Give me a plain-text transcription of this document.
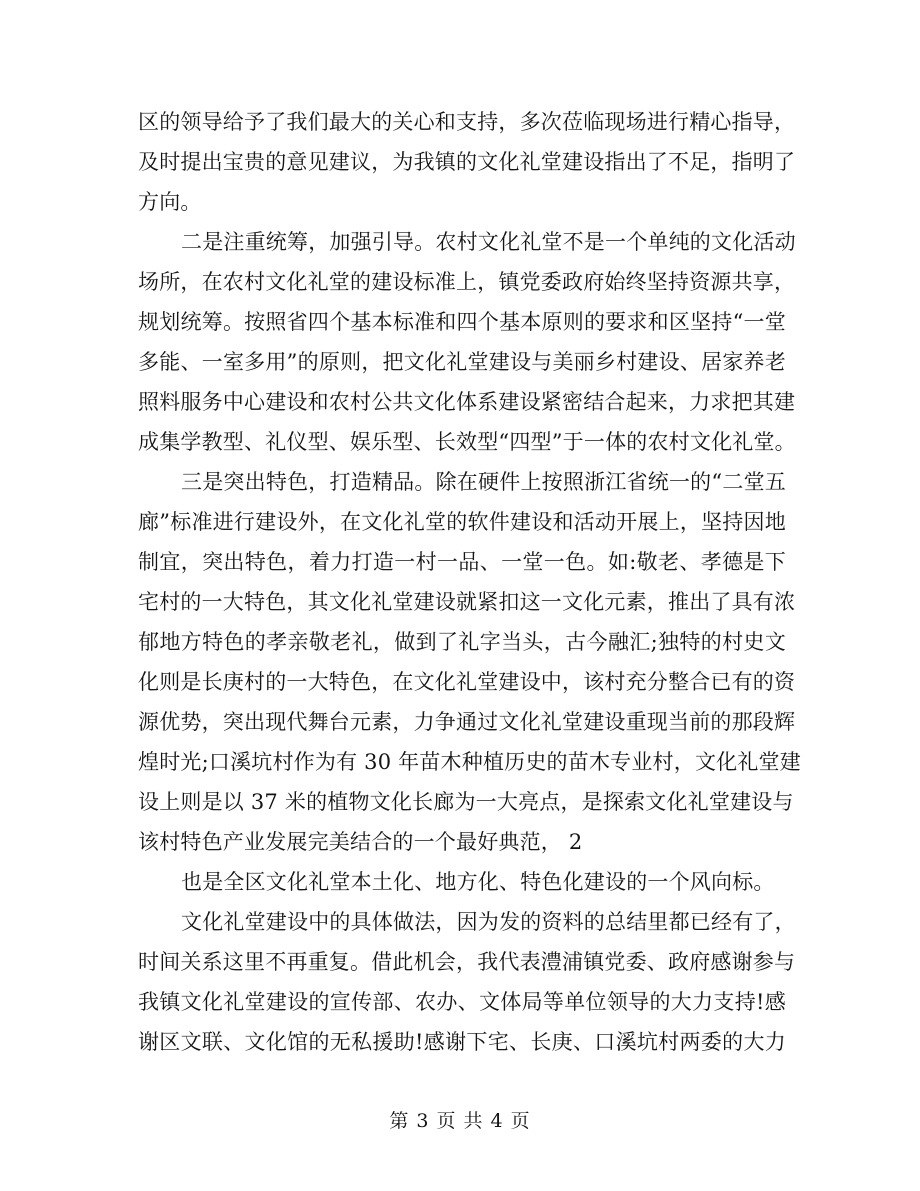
区的领导给予了我们最大的关心和支持，多次莅临现场进行精心指导，
及时提出宝贵的意见建议，为我镇的文化礼堂建设指出了不足，指明了
方向。
二是注重统筹，加强引导。农村文化礼堂不是一个单纯的文化活动
场所，在农村文化礼堂的建设标准上，镇党委政府始终坚持资源共享，
规划统筹。按照省四个基本标准和四个基本原则的要求和区坚持“一堂
多能、一室多用”的原则，把文化礼堂建设与美丽乡村建设、居家养老
照料服务中心建设和农村公共文化体系建设紧密结合起来，力求把其建
成集学教型、礼仪型、娱乐型、长效型“四型”于一体的农村文化礼堂。
三是突出特色，打造精品。除在硬件上按照浙江省统一的“二堂五
廊”标准进行建设外，在文化礼堂的软件建设和活动开展上，坚持因地
制宜，突出特色，着力打造一村一品、一堂一色。如:敬老、孝德是下
宅村的一大特色，其文化礼堂建设就紧扣这一文化元素，推出了具有浓
郁地方特色的孝亲敬老礼，做到了礼字当头，古今融汇;独特的村史文
化则是长庚村的一大特色，在文化礼堂建设中，该村充分整合已有的资
源优势，突出现代舞台元素，力争通过文化礼堂建设重现当前的那段辉
煌时光;口溪坑村作为有 30 年苗木种植历史的苗木专业村，文化礼堂建
设上则是以 37 米的植物文化长廊为一大亮点，是探索文化礼堂建设与
该村特色产业发展完美结合的一个最好典范， 2
也是全区文化礼堂本土化、地方化、特色化建设的一个风向标。
文化礼堂建设中的具体做法，因为发的资料的总结里都已经有了，
时间关系这里不再重复。借此机会，我代表澧浦镇党委、政府感谢参与
我镇文化礼堂建设的宣传部、农办、文体局等单位领导的大力支持!感
谢区文联、文化馆的无私援助!感谢下宅、长庚、口溪坑村两委的大力
第 3 页 共 4 页
